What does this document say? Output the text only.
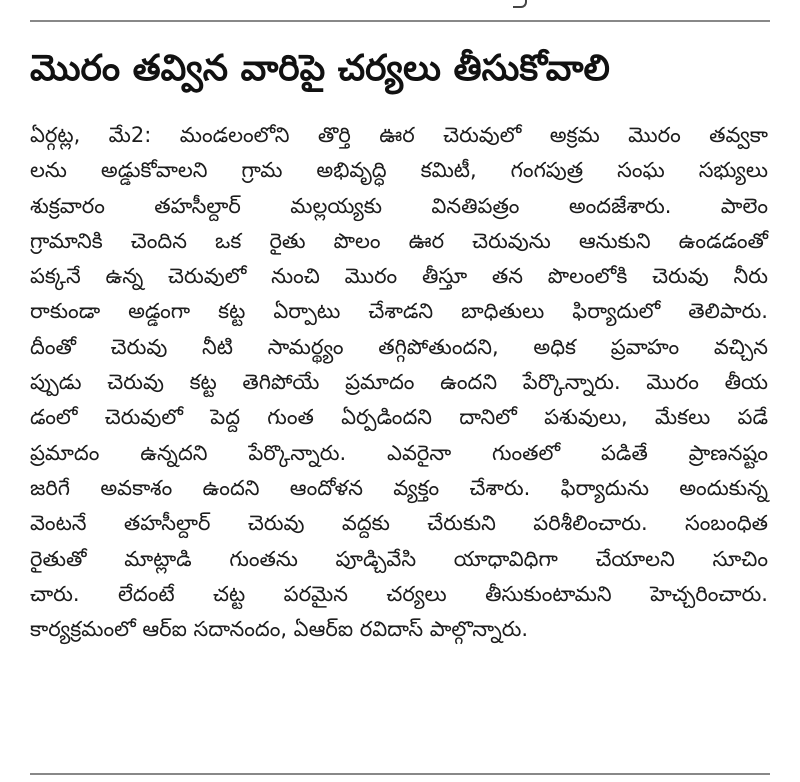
మొరం తవ్విన వారిపై చర్యలు తీసుకోవాలి
ఏర్గట్ల, మే2: మండలంలోని తొర్తి ఊర చెరువులో అక్రమ మొరం తవ్వకా
లను అడ్డుకోవాలని గ్రామ అభివృద్ధి కమిటీ, గంగపుత్ర సంఘ సభ్యులు
శుక్రవారం తహసీల్దార్ మల్లయ్యకు వినతిపత్రం అందజేశారు. పాలెం
గ్రామానికి చెందిన ఒక రైతు పొలం ఊర చెరువును ఆనుకుని ఉండడంతో
పక్కనే ఉన్న చెరువులో నుంచి మొరం తీస్తూ తన పొలంలోకి చెరువు నీరు
రాకుండా అడ్డంగా కట్ట ఏర్పాటు చేశాడని బాధితులు ఫిర్యాదులో తెలిపారు.
దీంతో చెరువు నీటి సామర్థ్యం తగ్గిపోతుందని, అధిక ప్రవాహం వచ్చిన
ప్పుడు చెరువు కట్ట తెగిపోయే ప్రమాదం ఉందని పేర్కొన్నారు. మొరం తీయ
డంలో చెరువులో పెద్ద గుంత ఏర్పడిందని దానిలో పశువులు, మేకలు పడే
ప్రమాదం ఉన్నదని పేర్కొన్నారు. ఎవరైనా గుంతలో పడితే ప్రాణనష్టం
జరిగే అవకాశం ఉందని ఆందోళన వ్యక్తం చేశారు. ఫిర్యాదును అందుకున్న
వెంటనే తహసీల్దార్ చెరువు వద్దకు చేరుకుని పరిశీలించారు. సంబంధిత
రైతుతో మాట్లాడి గుంతను పూడ్చివేసి యాధావిధిగా చేయాలని సూచిం
చారు. లేదంటే చట్ట పరమైన చర్యలు తీసుకుంటామని హెచ్చరించారు.
కార్యక్రమంలో ఆర్ఐ సదానందం, ఏఆర్ఐ రవిదాస్ పాల్గొన్నారు.
